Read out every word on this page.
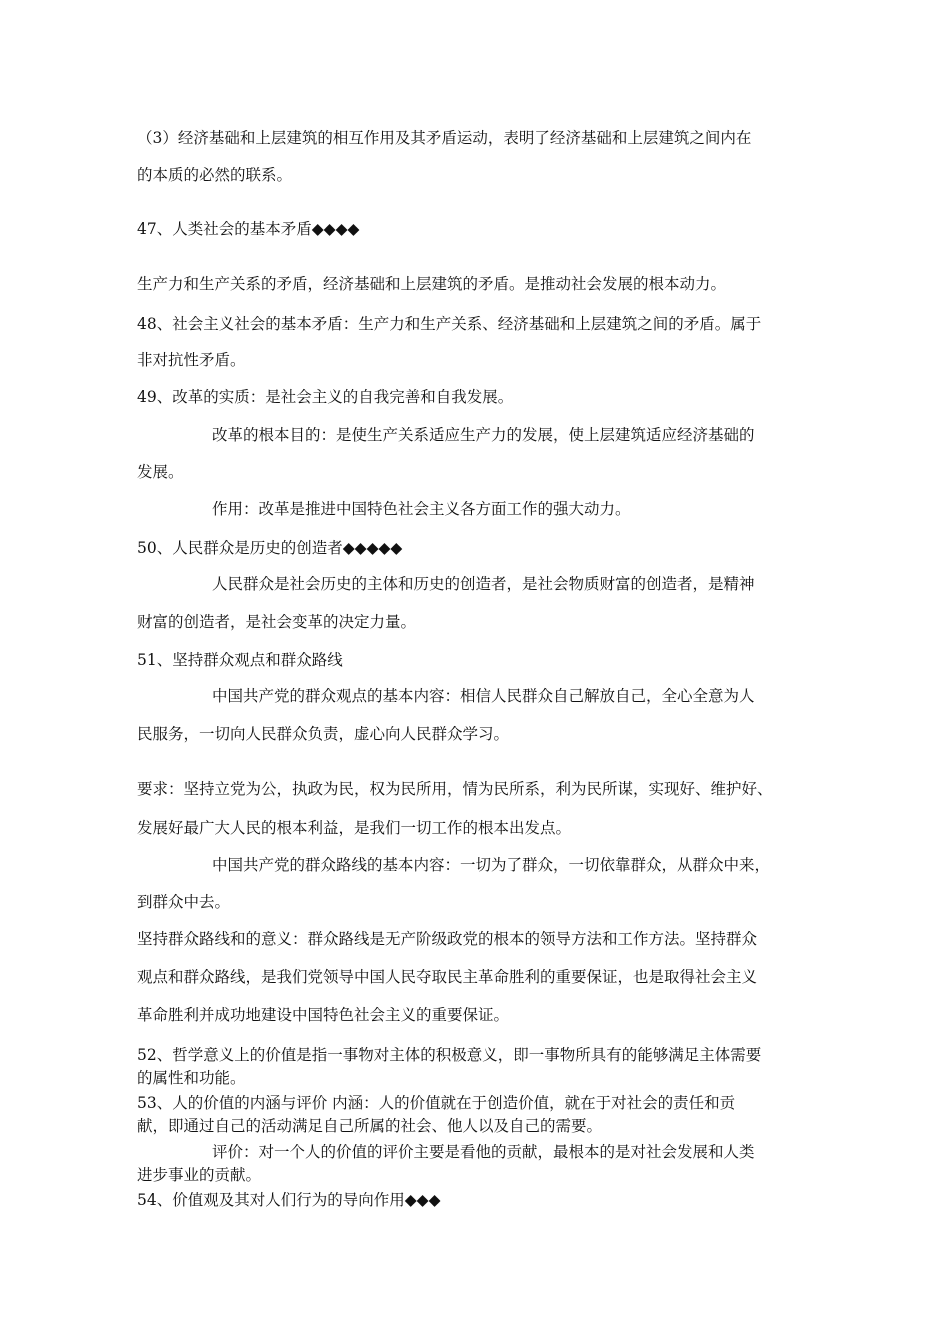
（3）经济基础和上层建筑的相互作用及其矛盾运动，表明了经济基础和上层建筑之间内在
的本质的必然的联系。
47、人类社会的基本矛盾◆◆◆◆
生产力和生产关系的矛盾，经济基础和上层建筑的矛盾。是推动社会发展的根本动力。
48、社会主义社会的基本矛盾：生产力和生产关系、经济基础和上层建筑之间的矛盾。属于
非对抗性矛盾。
49、改革的实质：是社会主义的自我完善和自我发展。
改革的根本目的：是使生产关系适应生产力的发展，使上层建筑适应经济基础的
发展。
作用：改革是推进中国特色社会主义各方面工作的强大动力。
50、人民群众是历史的创造者◆◆◆◆◆
人民群众是社会历史的主体和历史的创造者，是社会物质财富的创造者，是精神
财富的创造者，是社会变革的决定力量。
51、坚持群众观点和群众路线
中国共产党的群众观点的基本内容：相信人民群众自己解放自己，全心全意为人
民服务，一切向人民群众负责，虚心向人民群众学习。
要求：坚持立党为公，执政为民，权为民所用，情为民所系，利为民所谋，实现好、维护好、
发展好最广大人民的根本利益，是我们一切工作的根本出发点。
中国共产党的群众路线的基本内容：一切为了群众，一切依靠群众，从群众中来，
到群众中去。
坚持群众路线和的意义：群众路线是无产阶级政党的根本的领导方法和工作方法。坚持群众
观点和群众路线，是我们党领导中国人民夺取民主革命胜利的重要保证，也是取得社会主义
革命胜利并成功地建设中国特色社会主义的重要保证。
52、哲学意义上的价值是指一事物对主体的积极意义，即一事物所具有的能够满足主体需要
的属性和功能。
53、人的价值的内涵与评价 内涵：人的价值就在于创造价值，就在于对社会的责任和贡
献，即通过自己的活动满足自己所属的社会、他人以及自己的需要。
评价：对一个人的价值的评价主要是看他的贡献，最根本的是对社会发展和人类
进步事业的贡献。
54、价值观及其对人们行为的导向作用◆◆◆
